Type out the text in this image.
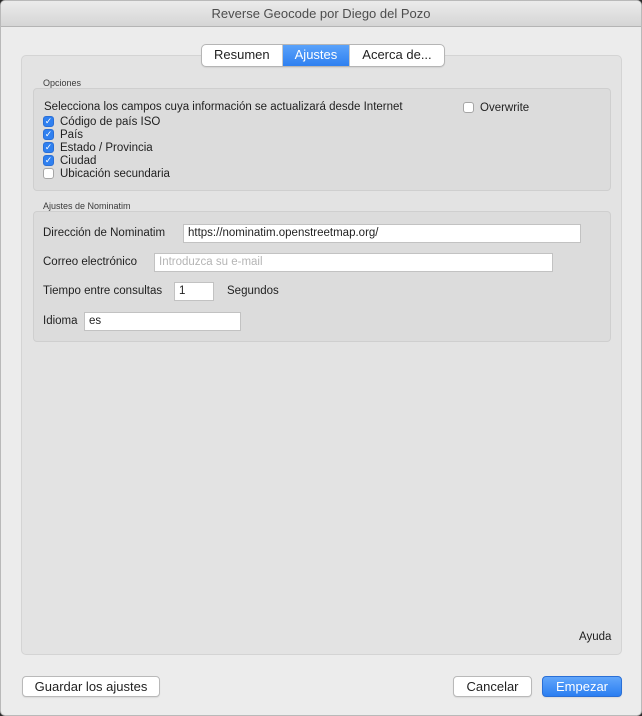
Reverse Geocode por Diego del Pozo
Resumen	Ajustes	Acerca de...
Opciones
Selecciona los campos cuya información se actualizará desde Internet	Overwrite
✓ Código de país ISO
✓ País
✓ Estado / Provincia
✓ Ciudad
Ubicación secundaria
Ajustes de Nominatim
Dirección de Nominatim	https://nominatim.openstreetmap.org/
Correo electrónico	Introduzca su e-mail
Tiempo entre consultas	1	Segundos
Idioma es
Ayuda
Guardar los ajustes	Cancelar	Empezar
